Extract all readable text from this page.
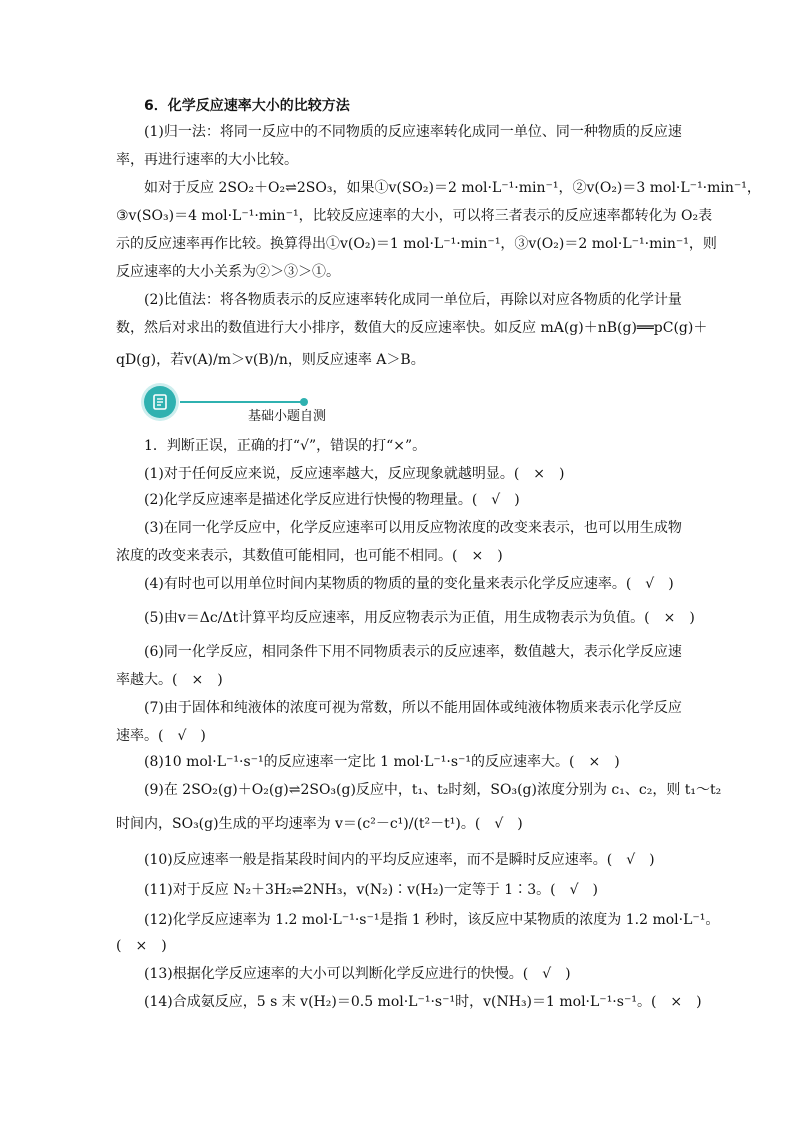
6．化学反应速率大小的比较方法
(1)归一法：将同一反应中的不同物质的反应速率转化成同一单位、同一种物质的反应速
率，再进行速率的大小比较。
如对于反应 2SO₂＋O₂⇌2SO₃，如果①v(SO₂)＝2 mol·L⁻¹·min⁻¹，②v(O₂)＝3 mol·L⁻¹·min⁻¹，
③v(SO₃)＝4 mol·L⁻¹·min⁻¹，比较反应速率的大小，可以将三者表示的反应速率都转化为 O₂表
示的反应速率再作比较。换算得出①v(O₂)＝1 mol·L⁻¹·min⁻¹，③v(O₂)＝2 mol·L⁻¹·min⁻¹，则
反应速率的大小关系为②＞③＞①。
(2)比值法：将各物质表示的反应速率转化成同一单位后，再除以对应各物质的化学计量
数，然后对求出的数值进行大小排序，数值大的反应速率快。如反应 mA(g)＋nB(g)══pC(g)＋
qD(g)，若v(A)/m＞v(B)/n，则反应速率 A＞B。
基础小题自测
1．判断正误，正确的打“√”，错误的打“×”。
(1)对于任何反应来说，反应速率越大，反应现象就越明显。(　×　)
(2)化学反应速率是描述化学反应进行快慢的物理量。(　√　)
(3)在同一化学反应中，化学反应速率可以用反应物浓度的改变来表示，也可以用生成物
浓度的改变来表示，其数值可能相同，也可能不相同。(　×　)
(4)有时也可以用单位时间内某物质的物质的量的变化量来表示化学反应速率。(　√　)
(5)由v＝Δc/Δt计算平均反应速率，用反应物表示为正值，用生成物表示为负值。(　×　)
(6)同一化学反应，相同条件下用不同物质表示的反应速率，数值越大，表示化学反应速
率越大。(　×　)
(7)由于固体和纯液体的浓度可视为常数，所以不能用固体或纯液体物质来表示化学反应
速率。(　√　)
(8)10 mol·L⁻¹·s⁻¹的反应速率一定比 1 mol·L⁻¹·s⁻¹的反应速率大。(　×　)
(9)在 2SO₂(g)＋O₂(g)⇌2SO₃(g)反应中，t₁、t₂时刻，SO₃(g)浓度分别为 c₁、c₂，则 t₁～t₂
时间内，SO₃(g)生成的平均速率为 v＝(c²－c¹)/(t²－t¹)。(　√　)
(10)反应速率一般是指某段时间内的平均反应速率，而不是瞬时反应速率。(　√　)
(11)对于反应 N₂＋3H₂⇌2NH₃，v(N₂)∶v(H₂)一定等于 1∶3。(　√　)
(12)化学反应速率为 1.2 mol·L⁻¹·s⁻¹是指 1 秒时，该反应中某物质的浓度为 1.2 mol·L⁻¹。
(　×　)
(13)根据化学反应速率的大小可以判断化学反应进行的快慢。(　√　)
(14)合成氨反应，5 s 末 v(H₂)＝0.5 mol·L⁻¹·s⁻¹时，v(NH₃)＝1 mol·L⁻¹·s⁻¹。(　×　)
